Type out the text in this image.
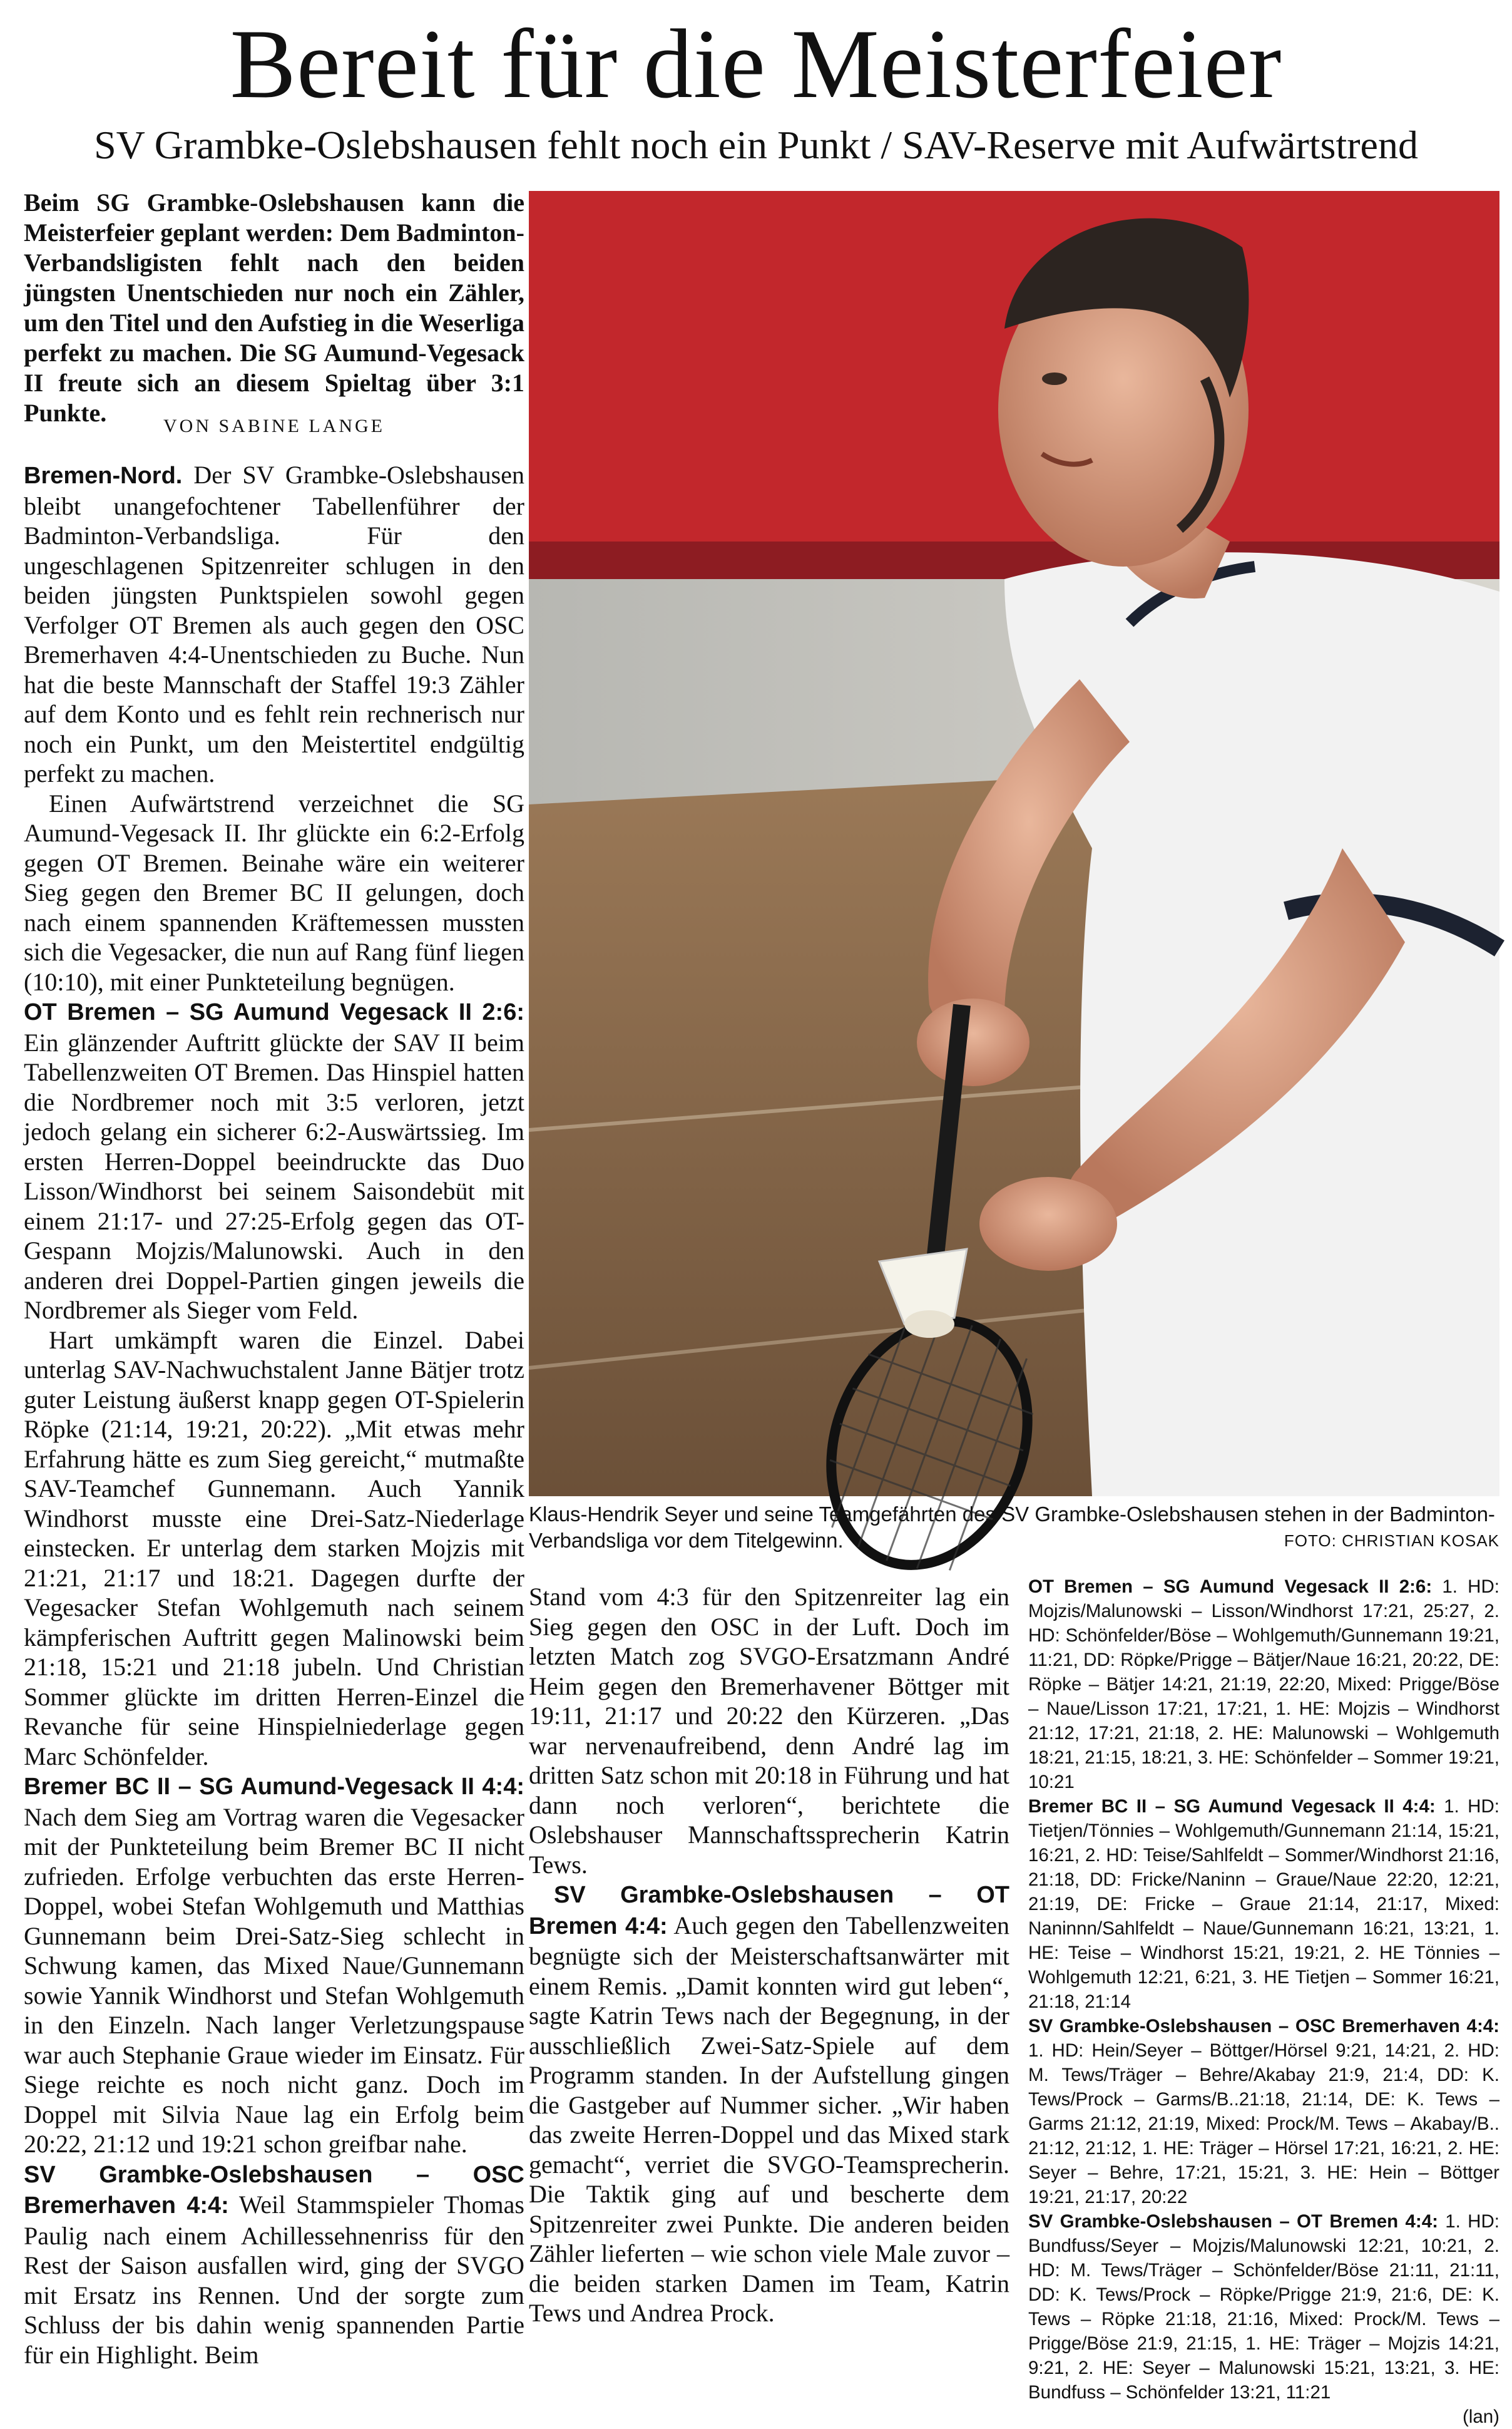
Bereit für die Meisterfeier
SV Grambke-Oslebshausen fehlt noch ein Punkt / SAV-Reserve mit Aufwärtstrend

Beim SG Grambke-Oslebshausen kann die Meisterfeier geplant werden: Dem Badminton-Verbandsligisten fehlt nach den beiden jüngsten Unentschieden nur noch ein Zähler, um den Titel und den Aufstieg in die Weserliga perfekt zu machen. Die SG Aumund-Vegesack II freute sich an diesem Spieltag über 3:1 Punkte.	VON SABINE LANGE

Bremen-Nord. Der SV Grambke-Oslebshausen bleibt unangefochtener Tabellenführer der Badminton-Verbandsliga. Für den ungeschlagenen Spitzenreiter schlugen in den beiden jüngsten Punktspielen sowohl gegen Verfolger OT Bremen als auch gegen den OSC Bremerhaven 4:4-Unentschieden zu Buche. Nun hat die beste Mannschaft der Staffel 19:3 Zähler auf dem Konto und es fehlt rein rechnerisch nur noch ein Punkt, um den Meistertitel endgültig perfekt zu machen.

Einen Aufwärtstrend verzeichnet die SG Aumund-Vegesack II. Ihr glückte ein 6:2-Erfolg gegen OT Bremen. Beinahe wäre ein weiterer Sieg gegen den Bremer BC II gelungen, doch nach einem spannenden Kräftemessen mussten sich die Vegesacker, die nun auf Rang fünf liegen (10:10), mit einer Punkteteilung begnügen.

OT Bremen – SG Aumund Vegesack II 2:6: Ein glänzender Auftritt glückte der SAV II beim Tabellenzweiten OT Bremen. Das Hinspiel hatten die Nordbremer noch mit 3:5 verloren, jetzt jedoch gelang ein sicherer 6:2-Auswärtssieg. Im ersten Herren-Doppel beeindruckte das Duo Lisson/Windhorst bei seinem Saisondebüt mit einem 21:17- und 27:25-Erfolg gegen das OT-Gespann Mojzis/Malunowski. Auch in den anderen drei Doppel-Partien gingen jeweils die Nordbremer als Sieger vom Feld.

Hart umkämpft waren die Einzel. Dabei unterlag SAV-Nachwuchstalent Janne Bätjer trotz guter Leistung äußerst knapp gegen OT-Spielerin Röpke (21:14, 19:21, 20:22). „Mit etwas mehr Erfahrung hätte es zum Sieg gereicht,“ mutmaßte SAV-Teamchef Gunnemann. Auch Yannik Windhorst musste eine Drei-Satz-Niederlage einstecken. Er unterlag dem starken Mojzis mit 21:21, 21:17 und 18:21. Dagegen durfte der Vegesacker Stefan Wohlgemuth nach seinem kämpferischen Auftritt gegen Malinowski beim 21:18, 15:21 und 21:18 jubeln. Und Christian Sommer glückte im dritten Herren-Einzel die Revanche für seine Hinspielniederlage gegen Marc Schönfelder.

Bremer BC II – SG Aumund-Vegesack II 4:4: Nach dem Sieg am Vortrag waren die Vegesacker mit der Punkteteilung beim Bremer BC II nicht zufrieden. Erfolge verbuchten das erste Herren-Doppel, wobei Stefan Wohlgemuth und Matthias Gunnemann beim Drei-Satz-Sieg schlecht in Schwung kamen, das Mixed Naue/Gunnemann sowie Yannik Windhorst und Stefan Wohlgemuth in den Einzeln. Nach langer Verletzungspause war auch Stephanie Graue wieder im Einsatz. Für Siege reichte es noch nicht ganz. Doch im Doppel mit Silvia Naue lag ein Erfolg beim 20:22, 21:12 und 19:21 schon greifbar nahe.

SV Grambke-Oslebshausen – OSC Bremerhaven 4:4: Weil Stammspieler Thomas Paulig nach einem Achillessehnenriss für den Rest der Saison ausfallen wird, ging der SVGO mit Ersatz ins Rennen. Und der sorgte zum Schluss der bis dahin wenig spannenden Partie für ein Highlight. Beim

Klaus-Hendrik Seyer und seine Teamgefährten des SV Grambke-Oslebshausen stehen in der Badminton-Verbandsliga vor dem Titelgewinn.	FOTO: CHRISTIAN KOSAK

Stand vom 4:3 für den Spitzenreiter lag ein Sieg gegen den OSC in der Luft. Doch im letzten Match zog SVGO-Ersatzmann André Heim gegen den Bremerhavener Böttger mit 19:11, 21:17 und 20:22 den Kürzeren. „Das war nervenaufreibend, denn André lag im dritten Satz schon mit 20:18 in Führung und hat dann noch verloren“, berichtete die Oslebshauser Mannschaftssprecherin Katrin Tews.

SV Grambke-Oslebshausen – OT Bremen 4:4: Auch gegen den Tabellenzweiten begnügte sich der Meisterschaftsanwärter mit einem Remis. „Damit konnten wird gut leben“, sagte Katrin Tews nach der Begegnung, in der ausschließlich Zwei-Satz-Spiele auf dem Programm standen. In der Aufstellung gingen die Gastgeber auf Nummer sicher. „Wir haben das zweite Herren-Doppel und das Mixed stark gemacht“, verriet die SVGO-Teamsprecherin. Die Taktik ging auf und bescherte dem Spitzenreiter zwei Punkte. Die anderen beiden Zähler lieferten – wie schon viele Male zuvor – die beiden starken Damen im Team, Katrin Tews und Andrea Prock.

OT Bremen – SG Aumund Vegesack II 2:6: 1. HD: Mojzis/Malunowski – Lisson/Windhorst 17:21, 25:27, 2. HD: Schönfelder/Böse – Wohlgemuth/Gunnemann 19:21, 11:21, DD: Röpke/Prigge – Bätjer/Naue 16:21, 20:22, DE: Röpke – Bätjer 14:21, 21:19, 22:20, Mixed: Prigge/Böse – Naue/Lisson 17:21, 17:21, 1. HE: Mojzis – Windhorst 21:12, 17:21, 21:18, 2. HE: Malunowski – Wohlgemuth 18:21, 21:15, 18:21, 3. HE: Schönfelder – Sommer 19:21, 10:21

Bremer BC II – SG Aumund Vegesack II 4:4: 1. HD: Tietjen/Tönnies – Wohlgemuth/Gunnemann 21:14, 15:21, 16:21, 2. HD: Teise/Sahlfeldt – Sommer/Windhorst 21:16, 21:18, DD: Fricke/Naninn – Graue/Naue 22:20, 12:21, 21:19, DE: Fricke – Graue 21:14, 21:17, Mixed: Naninnn/Sahlfeldt – Naue/Gunnemann 16:21, 13:21, 1. HE: Teise – Windhorst 15:21, 19:21, 2. HE Tönnies – Wohlgemuth 12:21, 6:21, 3. HE Tietjen – Sommer 16:21, 21:18, 21:14

SV Grambke-Oslebshausen – OSC Bremerhaven 4:4: 1. HD: Hein/Seyer – Böttger/Hörsel 9:21, 14:21, 2. HD: M. Tews/Träger – Behre/Akabay 21:9, 21:4, DD: K. Tews/Prock – Garms/B..21:18, 21:14, DE: K. Tews – Garms 21:12, 21:19, Mixed: Prock/M. Tews – Akabay/B.. 21:12, 21:12, 1. HE: Träger – Hörsel 17:21, 16:21, 2. HE: Seyer – Behre, 17:21, 15:21, 3. HE: Hein – Böttger 19:21, 21:17, 20:22

SV Grambke-Oslebshausen – OT Bremen 4:4: 1. HD: Bundfuss/Seyer – Mojzis/Malunowski 12:21, 10:21, 2. HD: M. Tews/Träger – Schönfelder/Böse 21:11, 21:11, DD: K. Tews/Prock – Röpke/Prigge 21:9, 21:6, DE: K. Tews – Röpke 21:18, 21:16, Mixed: Prock/M. Tews – Prigge/Böse 21:9, 21:15, 1. HE: Träger – Mojzis 14:21, 9:21, 2. HE: Seyer – Malunowski 15:21, 13:21, 3. HE: Bundfuss – Schönfelder 13:21, 11:21

(lan)
